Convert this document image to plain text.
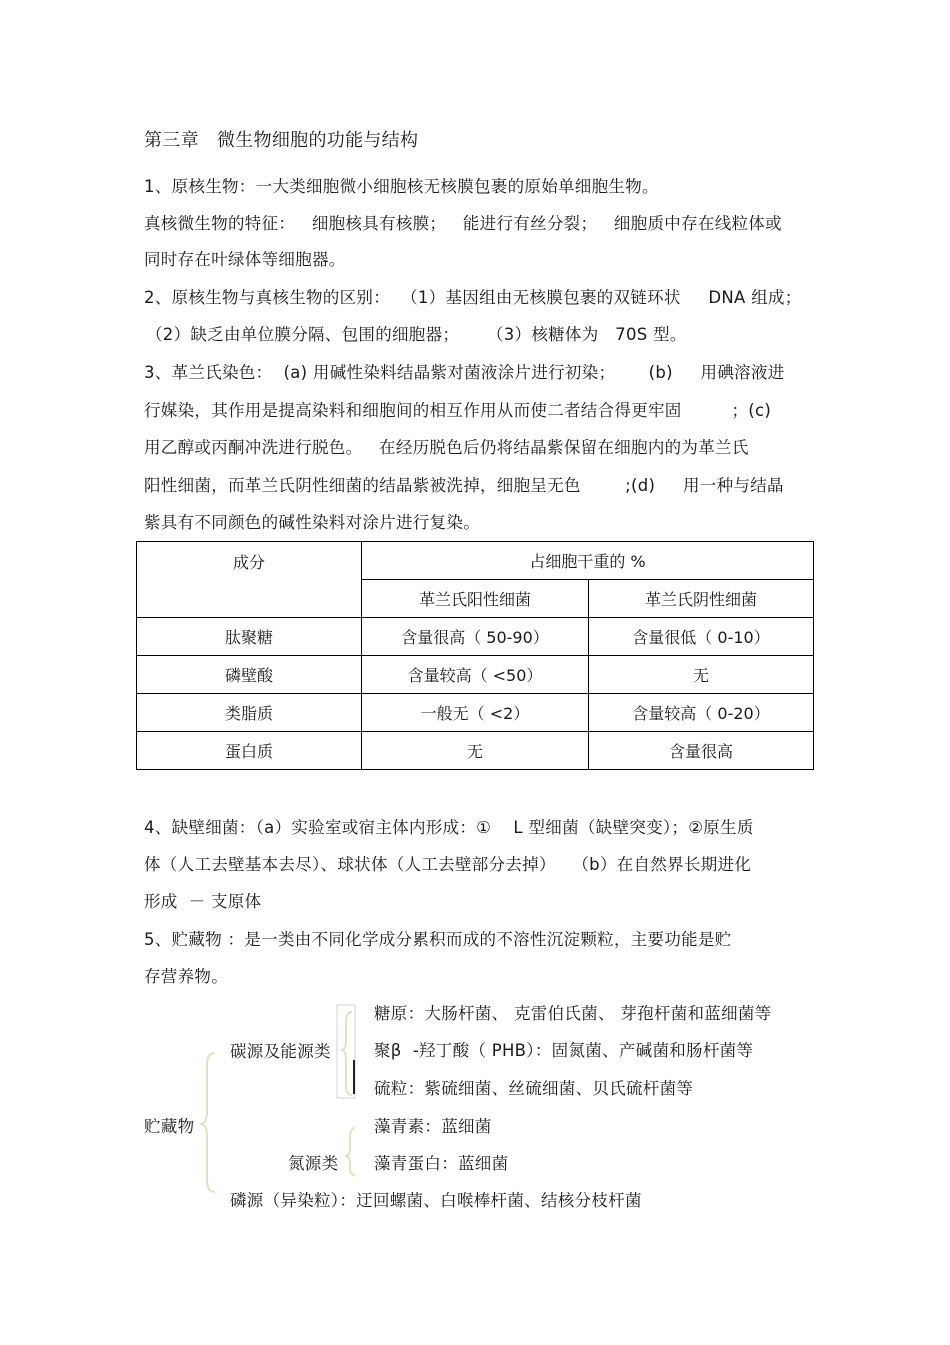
第三章   微生物细胞的功能与结构
1、原核生物：一大类细胞微小细胞核无核膜包裹的原始单细胞生物。
真核微生物的特征：   细胞核具有核膜；   能进行有丝分裂；   细胞质中存在线粒体或
同时存在叶绿体等细胞器。
2、原核生物与真核生物的区别：  （1）基因组由无核膜包裹的双链环状     DNA 组成；
（2）缺乏由单位膜分隔、包围的细胞器；     （3）核糖体为   70S 型。
3、革兰氏染色：  (a) 用碱性染料结晶紫对菌液涂片进行初染；      (b)     用碘溶液进
行媒染，其作用是提高染料和细胞间的相互作用从而使二者结合得更牢固         ；(c)
用乙醇或丙酮冲洗进行脱色。   在经历脱色后仍将结晶紫保留在细胞内的为革兰氏
阳性细菌，而革兰氏阴性细菌的结晶紫被洗掉，细胞呈无色        ;(d)     用一种与结晶
紫具有不同颜色的碱性染料对涂片进行复染。
成分	占细胞干重的 %	
	革兰氏阳性细菌	革兰氏阴性细菌
肽聚糖	含量很高（ 50-90）	含量很低（ 0-10）
磷壁酸	含量较高（ <50）	无
类脂质	一般无（ <2）	含量较高（ 0-20）
蛋白质	无	含量很高
4、缺壁细菌：（a）实验室或宿主体内形成：①    L 型细菌（缺壁突变）；②原生质
体（人工去壁基本去尽）、球状体（人工去壁部分去掉）   （b）在自然界长期进化
形成  － 支原体
5、贮藏物 ：是一类由不同化学成分累积而成的不溶性沉淀颗粒，主要功能是贮
存营养物。
贮藏物
碳源及能源类
氮源类
糖原：大肠杆菌、 克雷伯氏菌、 芽孢杆菌和蓝细菌等
聚β  -羟丁酸（ PHB）：固氮菌、产碱菌和肠杆菌等
硫粒：紫硫细菌、丝硫细菌、贝氏硫杆菌等
藻青素：蓝细菌
藻青蛋白：蓝细菌
磷源（异染粒）：迂回螺菌、白喉棒杆菌、结核分枝杆菌
